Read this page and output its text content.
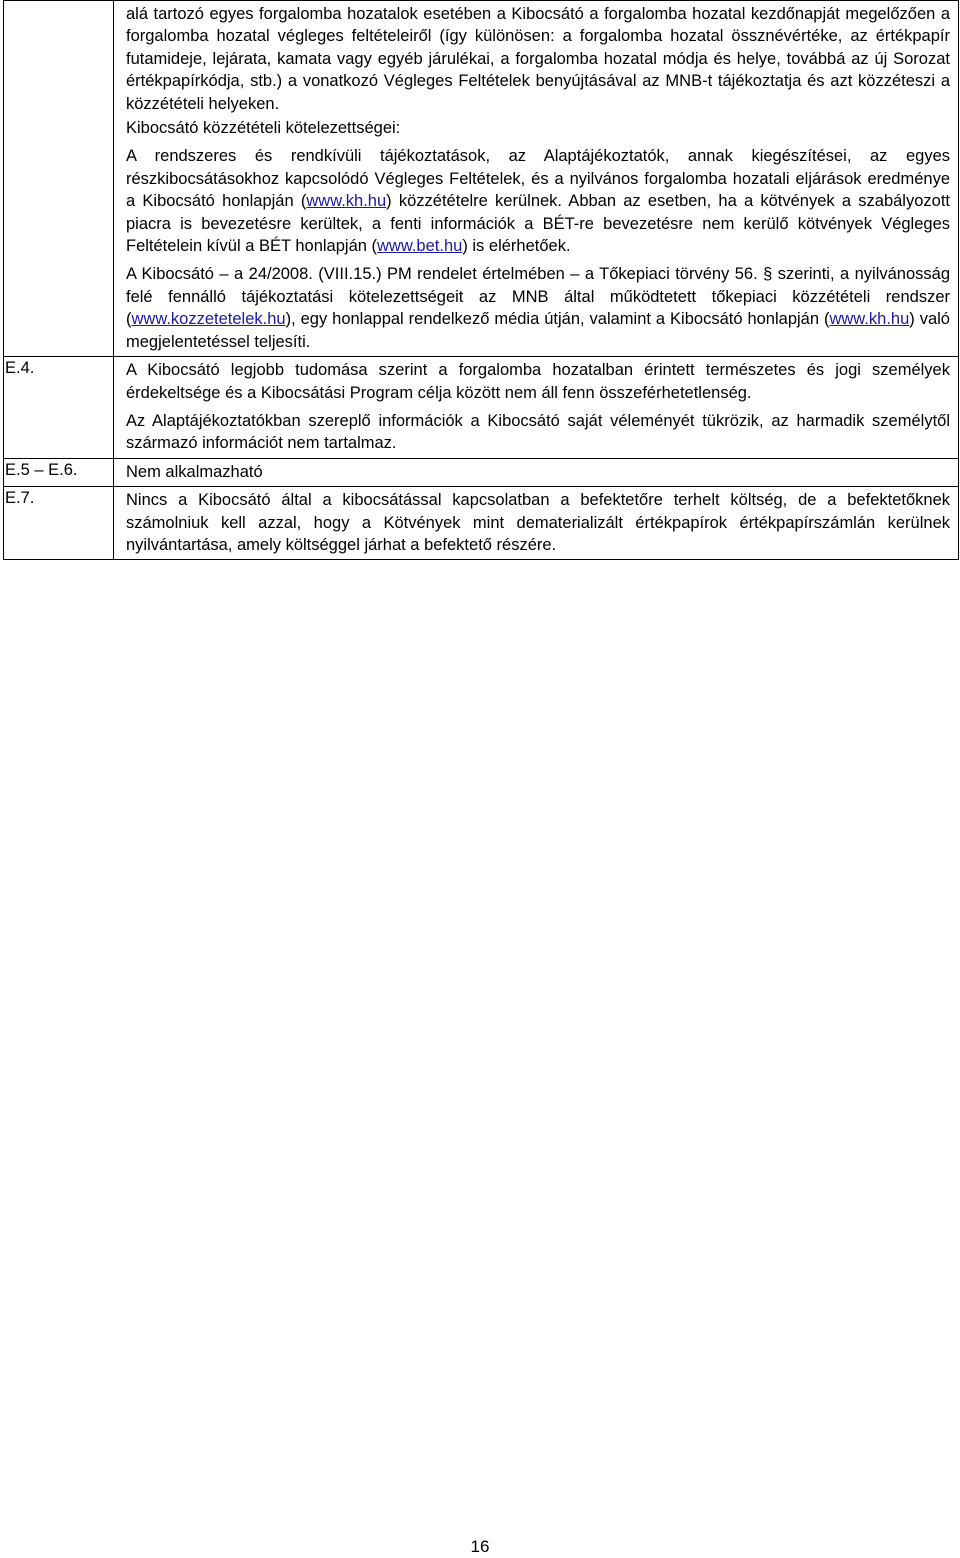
	alá tartozó egyes forgalomba hozatalok esetében a Kibocsátó a forgalomba hozatal kezdőnapját megelőzően a forgalomba hozatal végleges feltételeiről (így különösen: a forgalomba hozatal össznévértéke, az értékpapír futamideje, lejárata, kamata vagy egyéb járulékai, a forgalomba hozatal módja és helye, továbbá az új Sorozat értékpapírkódja, stb.) a vonatkozó Végleges Feltételek benyújtásával az MNB-t tájékoztatja és azt közzéteszi a közzétételi helyeken.

Kibocsátó közzétételi kötelezettségei:

A rendszeres és rendkívüli tájékoztatások, az Alaptájékoztatók, annak kiegészítései, az egyes részkibocsátásokhoz kapcsolódó Végleges Feltételek, és a nyilvános forgalomba hozatali eljárások eredménye a Kibocsátó honlapján (www.kh.hu) közzétételre kerülnek. Abban az esetben, ha a kötvények a szabályozott piacra is bevezetésre kerültek, a fenti információk a BÉT-re bevezetésre nem kerülő kötvények Végleges Feltételein kívül a BÉT honlapján (www.bet.hu) is elérhetőek.

A Kibocsátó – a 24/2008. (VIII.15.) PM rendelet értelmében – a Tőkepiaci törvény 56. § szerinti, a nyilvánosság felé fennálló tájékoztatási kötelezettségeit az MNB által működtetett tőkepiaci közzétételi rendszer (www.kozzetetelek.hu), egy honlappal rendelkező média útján, valamint a Kibocsátó honlapján (www.kh.hu) való megjelentetéssel teljesíti.

E.4.	A Kibocsátó legjobb tudomása szerint a forgalomba hozatalban érintett természetes és jogi személyek érdekeltsége és a Kibocsátási Program célja között nem áll fenn összeférhetetlenség.

Az Alaptájékoztatókban szereplő információk a Kibocsátó saját véleményét tükrözik, az harmadik személytől származó információt nem tartalmaz.

E.5 – E.6.	Nem alkalmazható

E.7.	Nincs a Kibocsátó által a kibocsátással kapcsolatban a befektetőre terhelt költség, de a befektetőknek számolniuk kell azzal, hogy a Kötvények mint dematerializált értékpapírok értékpapírszámlán kerülnek nyilvántartása, amely költséggel járhat a befektető részére.

16
